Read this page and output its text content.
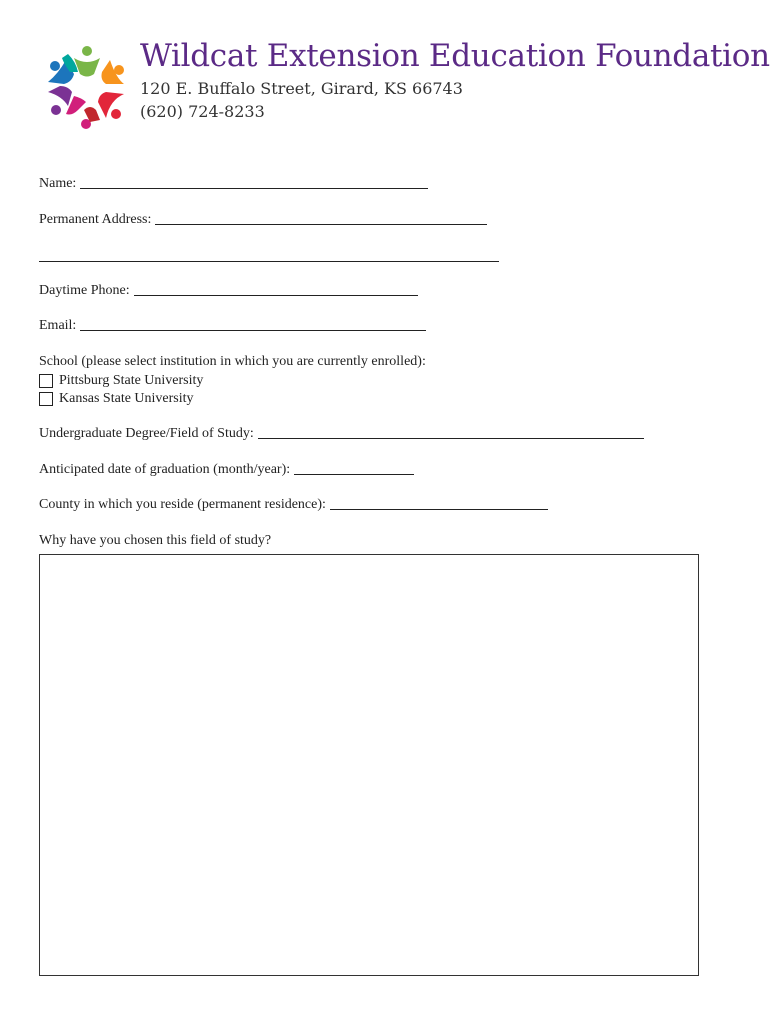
Wildcat Extension Education Foundation
120 E. Buffalo Street, Girard, KS 66743
(620) 724-8233
Name:
Permanent Address:
Daytime Phone:
Email:
School (please select institution in which you are currently enrolled):
Pittsburg State University
Kansas State University
Undergraduate Degree/Field of Study:
Anticipated date of graduation (month/year):
County in which you reside (permanent residence):
Why have you chosen this field of study?
